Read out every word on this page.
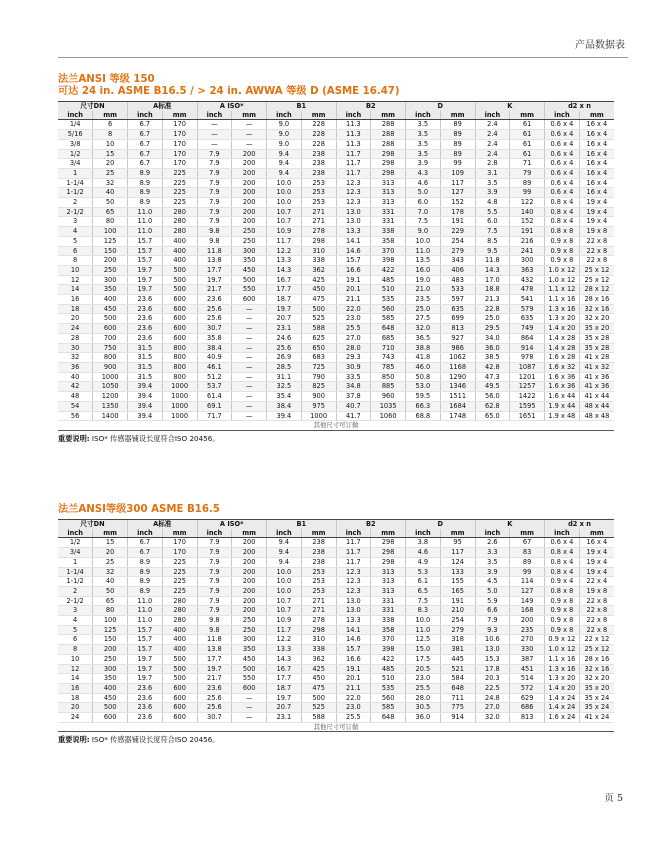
产品数据表
法兰ANSI 等级 150
可达 24 in. ASME B16.5 / > 24 in. AWWA 等级 D (ASME 16.47)
尺寸DN		A标准		A ISO*		B1		B2		D		K		d2 x n	
inch	mm	inch	mm	inch	mm	inch	mm	inch	mm	inch	mm	inch	mm	inch	mm
1/4	6	6.7	170	—	—	9.0	228	11.3	288	3.5	89	2.4	61	0.6 x 4	16 x 4
5/16	8	6.7	170	—	—	9.0	228	11.3	288	3.5	89	2.4	61	0.6 x 4	16 x 4
3/8	10	6.7	170	—	—	9.0	228	11.3	288	3.5	89	2.4	61	0.6 x 4	16 x 4
1/2	15	6.7	170	7.9	200	9.4	238	11.7	298	3.5	89	2.4	61	0.6 x 4	16 x 4
3/4	20	6.7	170	7.9	200	9.4	238	11.7	298	3.9	99	2.8	71	0.6 x 4	16 x 4
1	25	8.9	225	7.9	200	9.4	238	11.7	298	4.3	109	3.1	79	0.6 x 4	16 x 4
1-1/4	32	8.9	225	7.9	200	10.0	253	12.3	313	4.6	117	3.5	89	0.6 x 4	16 x 4
1-1/2	40	8.9	225	7.9	200	10.0	253	12.3	313	5.0	127	3.9	99	0.6 x 4	16 x 4
2	50	8.9	225	7.9	200	10.0	253	12.3	313	6.0	152	4.8	122	0.8 x 4	19 x 4
2-1/2	65	11.0	280	7.9	200	10.7	271	13.0	331	7.0	178	5.5	140	0.8 x 4	19 x 4
3	80	11.0	280	7.9	200	10.7	271	13.0	331	7.5	191	6.0	152	0.8 x 4	19 x 4
4	100	11.0	280	9.8	250	10.9	278	13.3	338	9.0	229	7.5	191	0.8 x 8	19 x 8
5	125	15.7	400	9.8	250	11.7	298	14.1	358	10.0	254	8.5	216	0.9 x 8	22 x 8
6	150	15.7	400	11.8	300	12.2	310	14.6	370	11.0	279	9.5	241	0.9 x 8	22 x 8
8	200	15.7	400	13.8	350	13.3	338	15.7	398	13.5	343	11.8	300	0.9 x 8	22 x 8
10	250	19.7	500	17.7	450	14.3	362	16.6	422	16.0	406	14.3	363	1.0 x 12	25 x 12
12	300	19.7	500	19.7	500	16.7	425	19.1	485	19.0	483	17.0	432	1.0 x 12	25 x 12
14	350	19.7	500	21.7	550	17.7	450	20.1	510	21.0	533	18.8	478	1.1 x 12	28 x 12
16	400	23.6	600	23.6	600	18.7	475	21.1	535	23.5	597	21.3	541	1.1 x 16	28 x 16
18	450	23.6	600	25.6	—	19.7	500	22.0	560	25.0	635	22.8	579	1.3 x 16	32 x 16
20	500	23.6	600	25.6	—	20.7	525	23.0	585	27.5	699	25.0	635	1.3 x 20	32 x 20
24	600	23.6	600	30.7	—	23.1	588	25.5	648	32.0	813	29.5	749	1.4 x 20	35 x 20
28	700	23.6	600	35.8	—	24.6	625	27.0	685	36.5	927	34.0	864	1.4 x 28	35 x 28
30	750	31.5	800	38.4	—	25.6	650	28.0	710	38.8	986	36.0	914	1.4 x 28	35 x 28
32	800	31.5	800	40.9	—	26.9	683	29.3	743	41.8	1062	38.5	978	1.6 x 28	41 x 28
36	900	31.5	800	46.1	—	28.5	725	30.9	785	46.0	1168	42.8	1087	1.6 x 32	41 x 32
40	1000	31.5	800	51.2	—	31.1	790	33.5	850	50.8	1290	47.3	1201	1.6 x 36	41 x 36
42	1050	39.4	1000	53.7	—	32.5	825	34.8	885	53.0	1346	49.5	1257	1.6 x 36	41 x 36
48	1200	39.4	1000	61.4	—	35.4	900	37.8	960	59.5	1511	56.0	1422	1.6 x 44	41 x 44
54	1350	39.4	1000	69.1	—	38.4	975	40.7	1035	66.3	1684	62.8	1595	1.9 x 44	48 x 44
56	1400	39.4	1000	71.7	—	39.4	1000	41.7	1060	68.8	1748	65.0	1651	1.9 x 48	48 x 48
其他尺寸可订做															
重要说明: ISO* 传感器铺设长度符合ISO 20456。
法兰ANSI等级300 ASME B16.5
尺寸DN		A标准		A ISO*		B1		B2		D		K		d2 x n	
inch	mm	inch	mm	inch	mm	inch	mm	inch	mm	inch	mm	inch	mm	inch	mm
1/2	15	6.7	170	7.9	200	9.4	238	11.7	298	3.8	95	2.6	67	0.6 x 4	16 x 4
3/4	20	6.7	170	7.9	200	9.4	238	11.7	298	4.6	117	3.3	83	0.8 x 4	19 x 4
1	25	8.9	225	7.9	200	9.4	238	11.7	298	4.9	124	3.5	89	0.8 x 4	19 x 4
1-1/4	32	8.9	225	7.9	200	10.0	253	12.3	313	5.3	133	3.9	99	0.8 x 4	19 x 4
1-1/2	40	8.9	225	7.9	200	10.0	253	12.3	313	6.1	155	4.5	114	0.9 x 4	22 x 4
2	50	8.9	225	7.9	200	10.0	253	12.3	313	6.5	165	5.0	127	0.8 x 8	19 x 8
2-1/2	65	11.0	280	7.9	200	10.7	271	13.0	331	7.5	191	5.9	149	0.9 x 8	22 x 8
3	80	11.0	280	7.9	200	10.7	271	13.0	331	8.3	210	6.6	168	0.9 x 8	22 x 8
4	100	11.0	280	9.8	250	10.9	278	13.3	338	10.0	254	7.9	200	0.9 x 8	22 x 8
5	125	15.7	400	9.8	250	11.7	298	14.1	358	11.0	279	9.3	235	0.9 x 8	22 x 8
6	150	15.7	400	11.8	300	12.2	310	14.6	370	12.5	318	10.6	270	0.9 x 12	22 x 12
8	200	15.7	400	13.8	350	13.3	338	15.7	398	15.0	381	13.0	330	1.0 x 12	25 x 12
10	250	19.7	500	17.7	450	14.3	362	16.6	422	17.5	445	15.3	387	1.1 x 16	28 x 16
12	300	19.7	500	19.7	500	16.7	425	19.1	485	20.5	521	17.8	451	1.3 x 16	32 x 16
14	350	19.7	500	21.7	550	17.7	450	20.1	510	23.0	584	20.3	514	1.3 x 20	32 x 20
16	400	23.6	600	23.6	600	18.7	475	21.1	535	25.5	648	22.5	572	1.4 x 20	35 x 20
18	450	23.6	600	25.6	—	19.7	500	22.0	560	28.0	711	24.8	629	1.4 x 24	35 x 24
20	500	23.6	600	25.6	—	20.7	525	23.0	585	30.5	775	27.0	686	1.4 x 24	35 x 24
24	600	23.6	600	30.7	—	23.1	588	25.5	648	36.0	914	32.0	813	1.6 x 24	41 x 24
其他尺寸可订做															
重要说明: ISO* 传感器铺设长度符合ISO 20456。
页 5
